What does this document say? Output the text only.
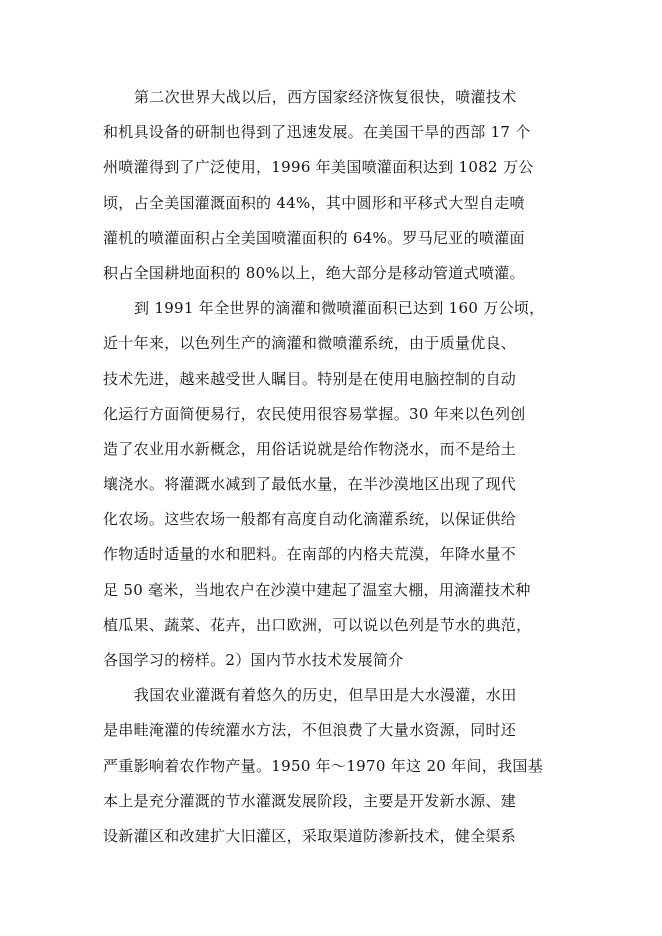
第二次世界大战以后，西方国家经济恢复很快，喷灌技术
和机具设备的研制也得到了迅速发展。在美国干旱的西部 17 个
州喷灌得到了广泛使用，1996 年美国喷灌面积达到 1082 万公
顷，占全美国灌溉面积的 44%，其中圆形和平移式大型自走喷
灌机的喷灌面积占全美国喷灌面积的 64%。罗马尼亚的喷灌面
积占全国耕地面积的 80%以上，绝大部分是移动管道式喷灌。
到 1991 年全世界的滴灌和微喷灌面积已达到 160 万公顷，
近十年来，以色列生产的滴灌和微喷灌系统，由于质量优良、
技术先进，越来越受世人瞩目。特别是在使用电脑控制的自动
化运行方面简便易行，农民使用很容易掌握。30 年来以色列创
造了农业用水新概念，用俗话说就是给作物浇水，而不是给土
壤浇水。将灌溉水减到了最低水量，在半沙漠地区出现了现代
化农场。这些农场一般都有高度自动化滴灌系统，以保证供给
作物适时适量的水和肥料。在南部的内格夫荒漠，年降水量不
足 50 毫米，当地农户在沙漠中建起了温室大棚，用滴灌技术种
植瓜果、蔬菜、花卉，出口欧洲，可以说以色列是节水的典范，
各国学习的榜样。2）国内节水技术发展简介
我国农业灌溉有着悠久的历史，但旱田是大水漫灌，水田
是串畦淹灌的传统灌水方法，不但浪费了大量水资源，同时还
严重影响着农作物产量。1950 年～1970 年这 20 年间，我国基
本上是充分灌溉的节水灌溉发展阶段，主要是开发新水源、建
设新灌区和改建扩大旧灌区，采取渠道防渗新技术，健全渠系
